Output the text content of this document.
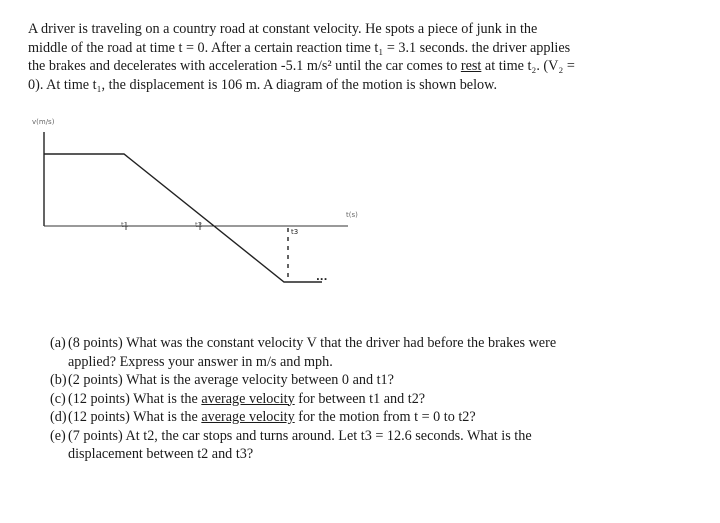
A driver is traveling on a country road at constant velocity. He spots a piece of junk in the
middle of the road at time t = 0. After a certain reaction time t₁ = 3.1 seconds. the driver applies
the brakes and decelerates with acceleration -5.1 m/s² until the car comes to rest at time t₂. (V₂ =
0). At time t₁, the displacement is 106 m. A diagram of the motion is shown below.
v(m/s)
t(s)
t1	t2
t3
...
(a) (8 points) What was the constant velocity V that the driver had before the brakes were
applied? Express your answer in m/s and mph.
(b) (2 points) What is the average velocity between 0 and t1?
(c) (12 points) What is the average velocity for between t1 and t2?
(d) (12 points) What is the average velocity for the motion from t = 0 to t2?
(e) (7 points) At t2, the car stops and turns around. Let t3 = 12.6 seconds. What is the
displacement between t2 and t3?
